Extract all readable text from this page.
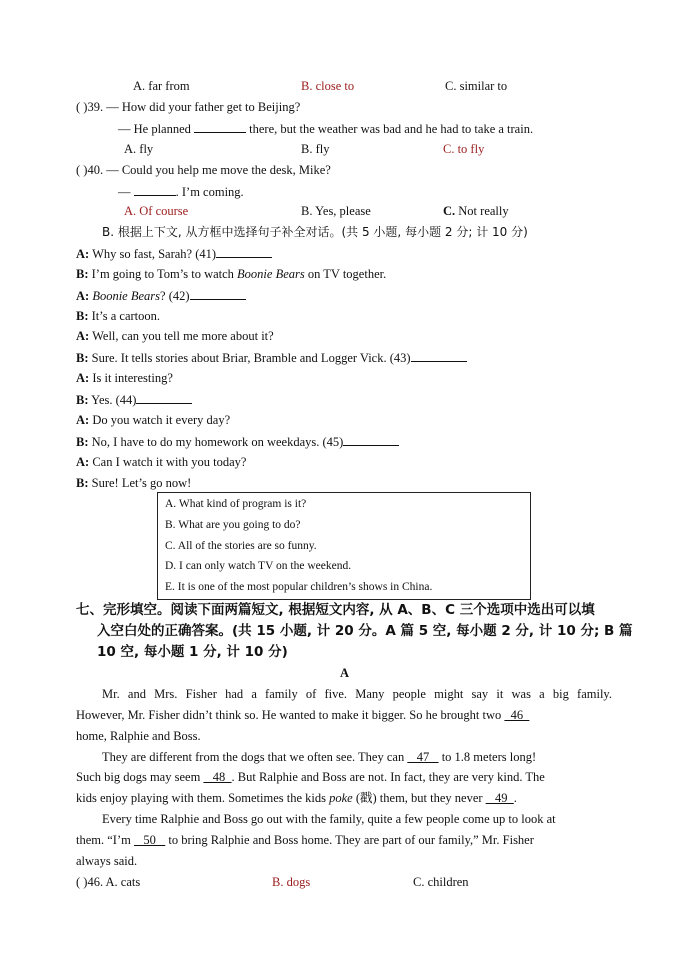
A. far from	B. close to	C. similar to
( )39. — How did your father get to Beijing?
— He planned	there, but the weather was bad and he had to take a train.
A. fly	B. fly	C. to fly
( )40. — Could you help me move the desk, Mike?
—	. I’m coming.
A. Of course	B. Yes, please	C. Not really
B. 根据上下文, 从方框中选择句子补全对话。(共 5 小题, 每小题 2 分; 计 10 分)
A: Why so fast, Sarah? (41)
B: I’m going to Tom’s to watch Boonie Bears on TV together.
A: Boonie Bears? (42)
B: It’s a cartoon.
A: Well, can you tell me more about it?
B: Sure. It tells stories about Briar, Bramble and Logger Vick. (43)
A: Is it interesting?
B: Yes. (44)
A: Do you watch it every day?
B: No, I have to do my homework on weekdays. (45)
A: Can I watch it with you today?
B: Sure! Let’s go now!
A. What kind of program is it?
B. What are you going to do?
C. All of the stories are so funny.
D. I can only watch TV on the weekend.
E. It is one of the most popular children’s shows in China.
七、完形填空。阅读下面两篇短文, 根据短文内容, 从 A、B、C 三个选项中选出可以填
入空白处的正确答案。(共 15 小题, 计 20 分。A 篇 5 空, 每小题 2 分, 计 10 分; B 篇
10 空, 每小题 1 分, 计 10 分)
A
Mr. and Mrs. Fisher had a family of five. Many people might say it was a big family.
However, Mr. Fisher didn’t think so. He wanted to make it bigger. So he brought two   46
home, Ralphie and Boss.
They are different from the dogs that we often see. They can    47    to 1.8 meters long!
Such big dogs may seem    48  . But Ralphie and Boss are not. In fact, they are very kind. The
kids enjoy playing with them. Sometimes the kids poke (戳) them, but they never    49  .
Every time Ralphie and Boss go out with the family, quite a few people come up to look at
them. “I’m    50    to bring Ralphie and Boss home. They are part of our family,” Mr. Fisher
always said.
( )46. A. cats	B. dogs	C. children
